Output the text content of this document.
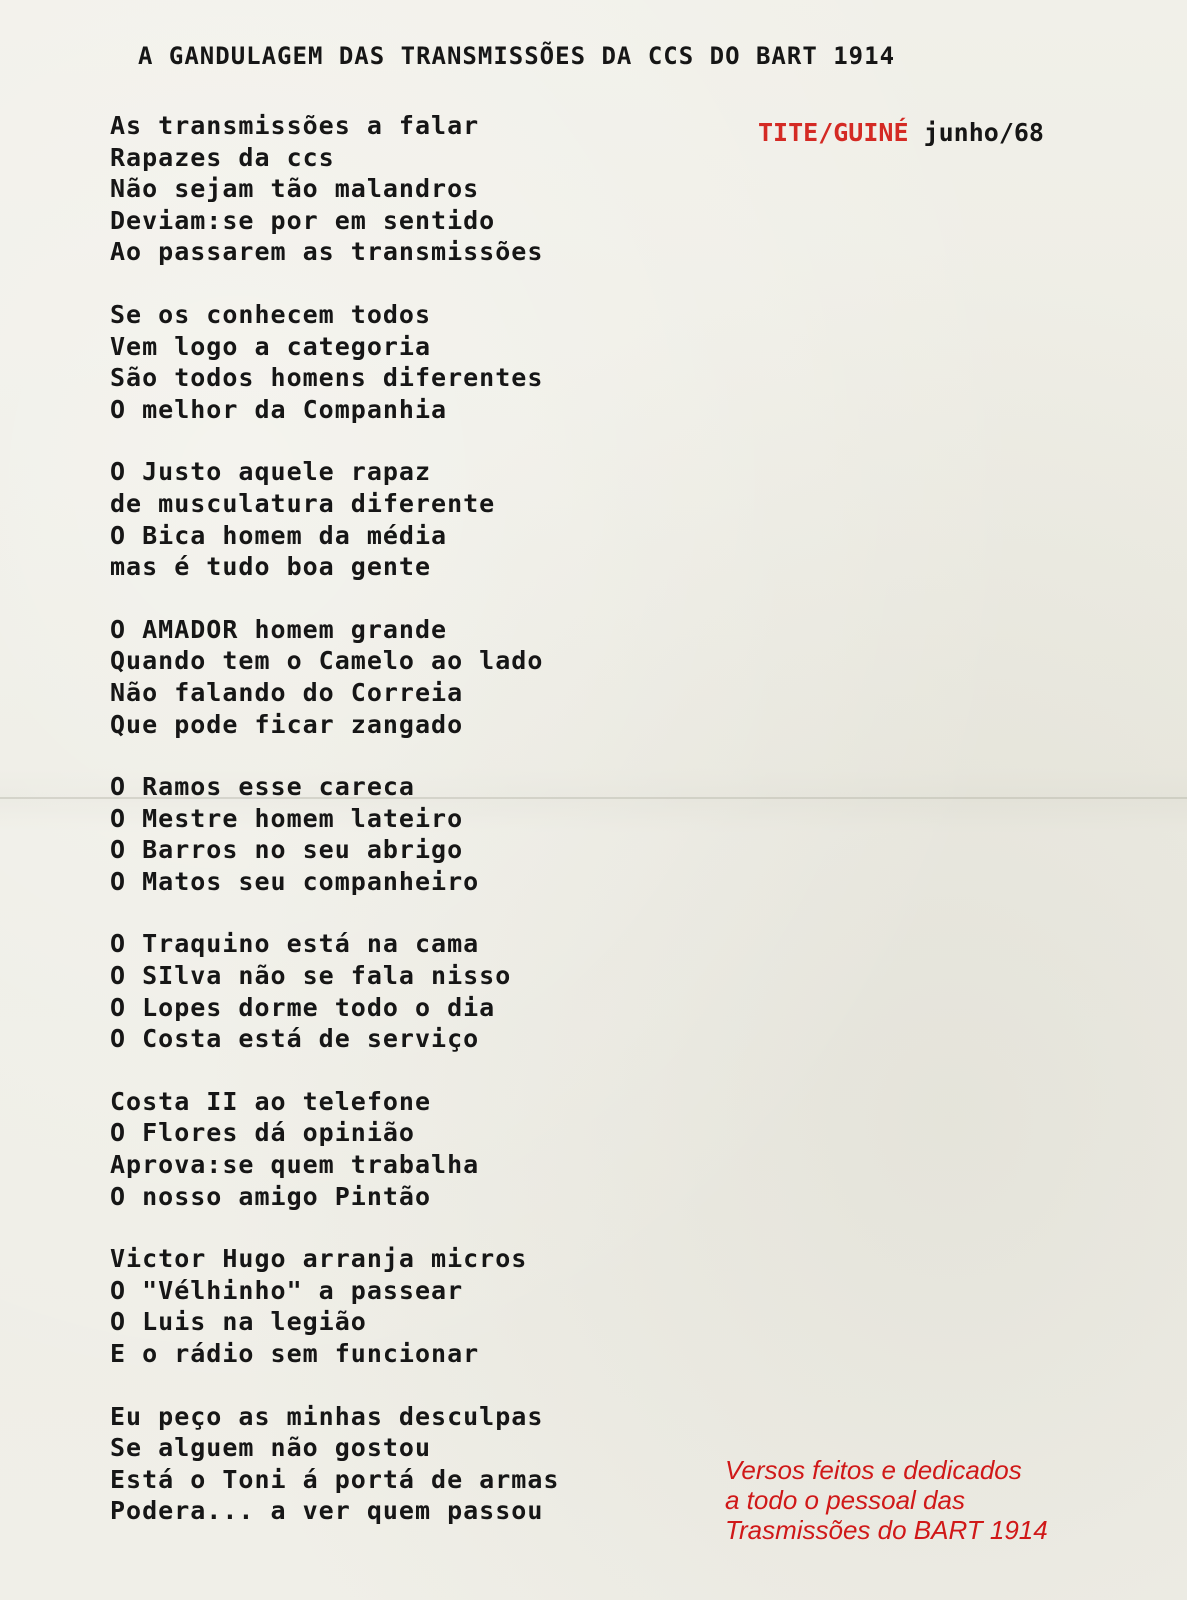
A GANDULAGEM DAS TRANSMISSÕES DA CCS DO BART 1914
TITE/GUINÉ junho/68
As transmissões a falar
Rapazes da ccs
Não sejam tão malandros
Deviam:se por em sentido
Ao passarem as transmissões
Se os conhecem todos
Vem logo a categoria
São todos homens diferentes
O melhor da Companhia
O Justo aquele rapaz
de musculatura diferente
O Bica homem da média
mas é tudo boa gente
O AMADOR homem grande
Quando tem o Camelo ao lado
Não falando do Correia
Que pode ficar zangado
O Ramos esse careca
O Mestre homem lateiro
O Barros no seu abrigo
O Matos seu companheiro
O Traquino está na cama
O SIlva não se fala nisso
O Lopes dorme todo o dia
O Costa está de serviço
Costa II ao telefone
O Flores dá opinião
Aprova:se quem trabalha
O nosso amigo Pintão
Victor Hugo arranja micros
O "Vélhinho" a passear
O Luis na legião
E o rádio sem funcionar
Eu peço as minhas desculpas
Se alguem não gostou
Está o Toni á portá de armas
Podera... a ver quem passou
Versos feitos e dedicados
a todo o pessoal das
Trasmissões do BART 1914
